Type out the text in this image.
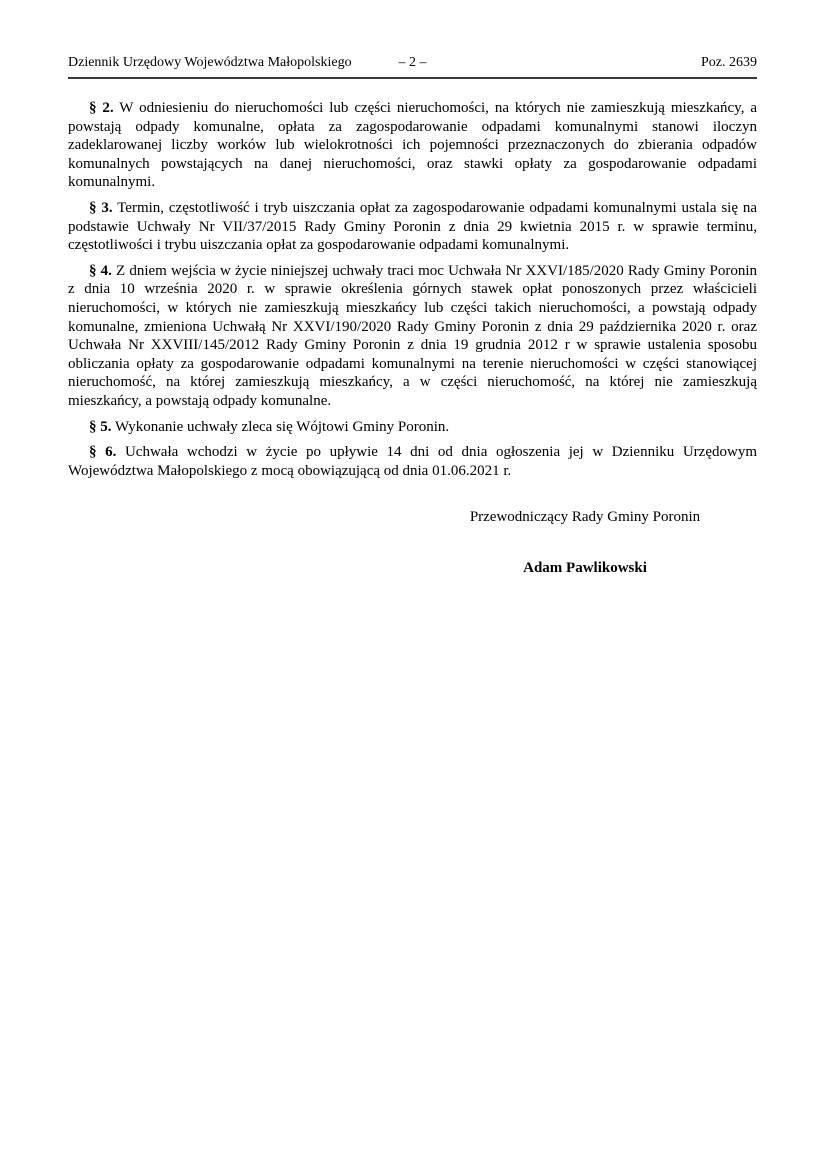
Dziennik Urzędowy Województwa Małopolskiego	– 2 –	Poz. 2639

§ 2. W odniesieniu do nieruchomości lub części nieruchomości, na których nie zamieszkują mieszkańcy, a powstają odpady komunalne, opłata za zagospodarowanie odpadami komunalnymi stanowi iloczyn zadeklarowanej liczby worków lub wielokrotności ich pojemności przeznaczonych do zbierania odpadów komunalnych powstających na danej nieruchomości, oraz stawki opłaty za gospodarowanie odpadami komunalnymi.

§ 3. Termin, częstotliwość i tryb uiszczania opłat za zagospodarowanie odpadami komunalnymi ustala się na podstawie Uchwały Nr VII/37/2015 Rady Gminy Poronin z dnia 29 kwietnia 2015 r. w sprawie terminu, częstotliwości i trybu uiszczania opłat za gospodarowanie odpadami komunalnymi.

§ 4. Z dniem wejścia w życie niniejszej uchwały traci moc Uchwała Nr XXVI/185/2020 Rady Gminy Poronin z dnia 10 września 2020 r. w sprawie określenia górnych stawek opłat ponoszonych przez właścicieli nieruchomości, w których nie zamieszkują mieszkańcy lub części takich nieruchomości, a powstają odpady komunalne, zmieniona Uchwałą Nr XXVI/190/2020 Rady Gminy Poronin z dnia 29 października 2020 r. oraz Uchwała Nr XXVIII/145/2012 Rady Gminy Poronin z dnia 19 grudnia 2012 r w sprawie ustalenia sposobu obliczania opłaty za gospodarowanie odpadami komunalnymi na terenie nieruchomości w części stanowiącej nieruchomość, na której zamieszkują mieszkańcy, a w części nieruchomość, na której nie zamieszkują mieszkańcy, a powstają odpady komunalne.

§ 5. Wykonanie uchwały zleca się Wójtowi Gminy Poronin.

§ 6. Uchwała wchodzi w życie po upływie 14 dni od dnia ogłoszenia jej w Dzienniku Urzędowym Województwa Małopolskiego z mocą obowiązującą od dnia 01.06.2021 r.

Przewodniczący Rady Gminy Poronin
Adam Pawlikowski
